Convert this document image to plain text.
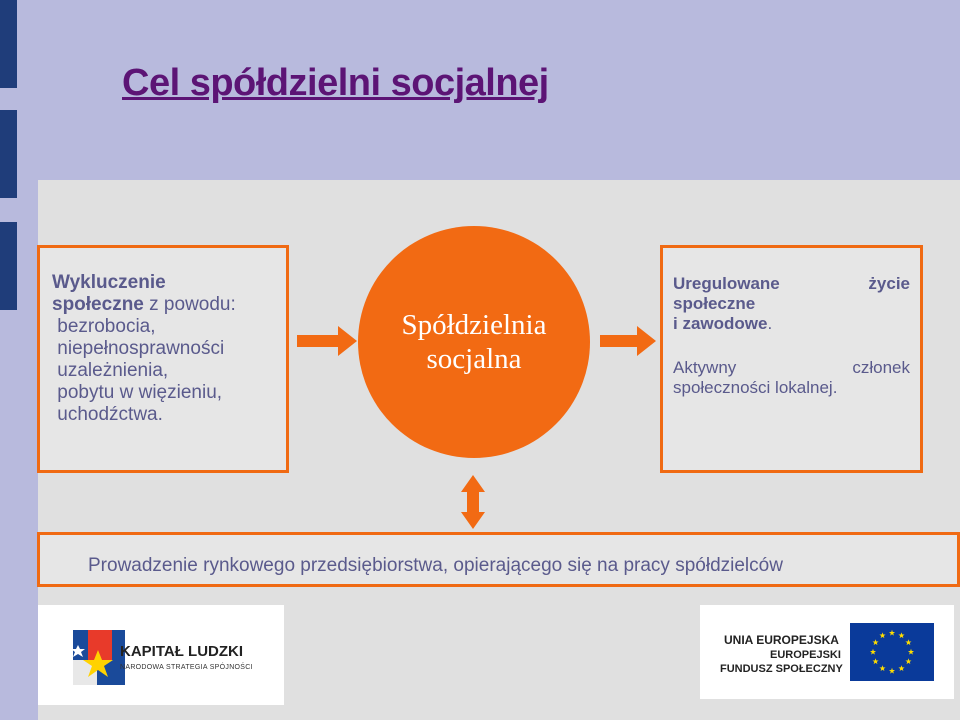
Cel spółdzielni socjalnej
Wykluczenie
społeczne z powodu:
bezrobocia,
niepełnosprawności
uzależnienia,
pobytu w więzieniu,
uchodźctwa.
Spółdzielnia
socjalna
Uregulowane	życie
społeczne
i zawodowe.
Aktywny	członek
społeczności lokalnej.
Prowadzenie rynkowego przedsiębiorstwa, opierającego się na pracy spółdzielców
KAPITAŁ LUDZKI
NARODOWA STRATEGIA SPÓJNOŚCI
UNIA EUROPEJSKA
EUROPEJSKI
FUNDUSZ SPOŁECZNY
